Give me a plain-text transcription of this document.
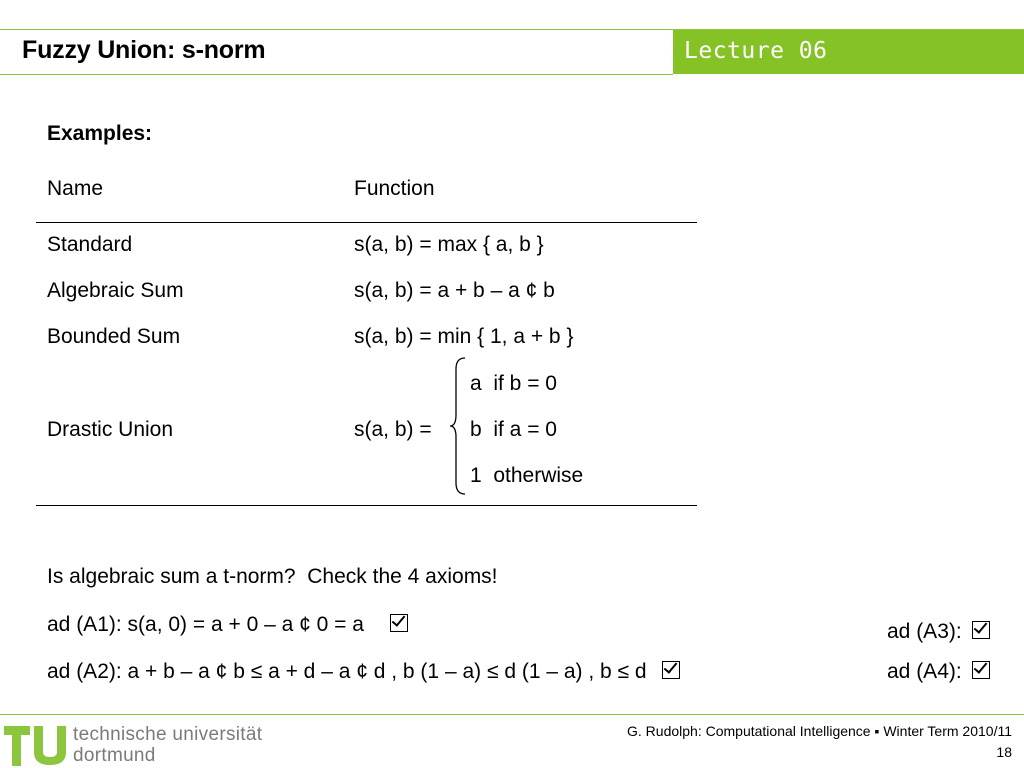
Fuzzy Union: s-norm	Lecture 06
Examples:
Name	Function
Standard	s(a, b) = max { a, b }
Algebraic Sum	s(a, b) = a + b – a ¢ b
Bounded Sum	s(a, b) = min { 1, a + b }
Drastic Union	s(a, b) =
a  if b = 0
b  if a = 0
1  otherwise
Is algebraic sum a t-norm?  Check the 4 axioms!
ad (A1): s(a, 0) = a + 0 – a ¢ 0 = a
ad (A2): a + b – a ¢ b ≤ a + d – a ¢ d , b (1 – a) ≤ d (1 – a) , b ≤ d
ad (A3):
ad (A4):
technische universität
dortmund
G. Rudolph: Computational Intelligence ▪ Winter Term 2010/11
18
